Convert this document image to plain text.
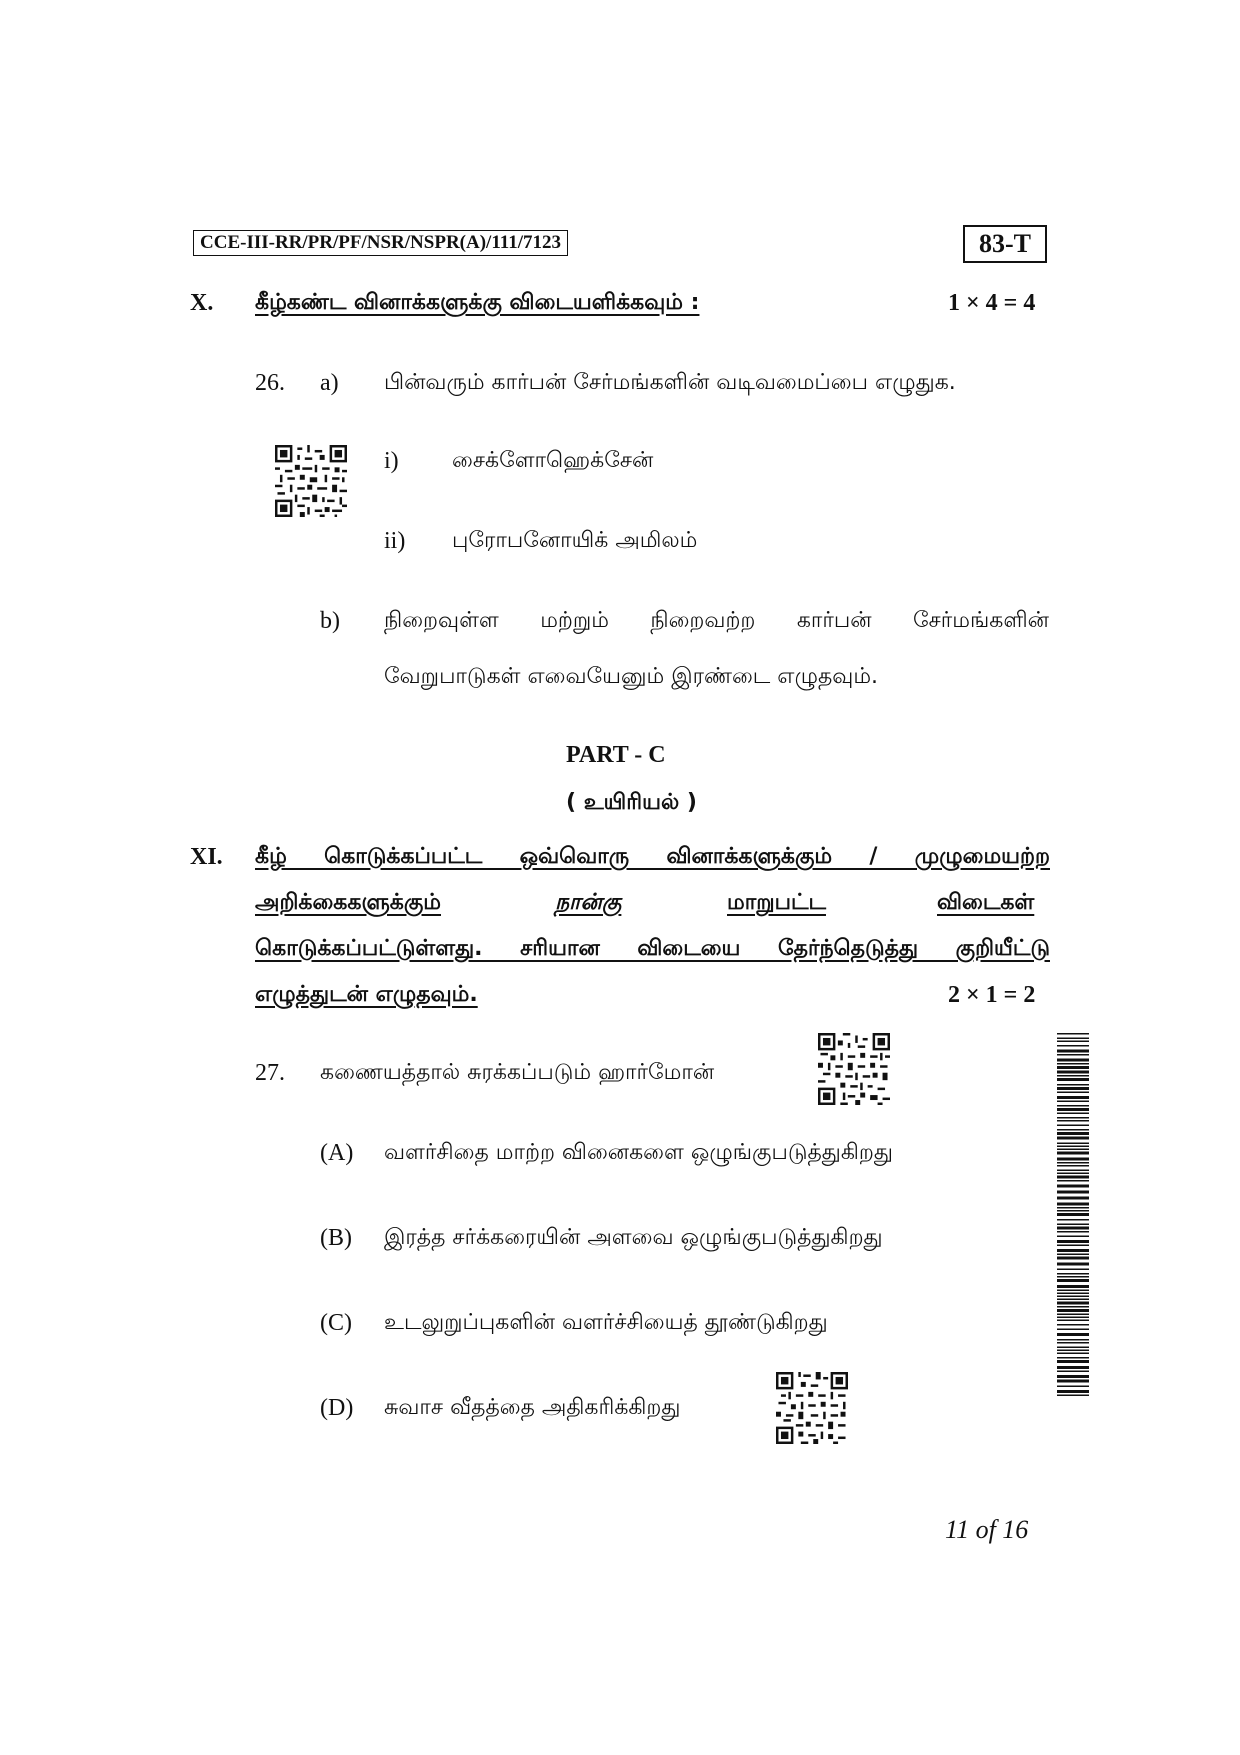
CCE-III-RR/PR/PF/NSR/NSPR(A)/111/7123	83-T
X. கீழ்கண்ட வினாக்களுக்கு விடையளிக்கவும் :	1 × 4 = 4
26. a) பின்வரும் கார்பன் சேர்மங்களின் வடிவமைப்பை எழுதுக.
i) சைக்ளோஹெக்சேன்
ii) புரோபனோயிக் அமிலம்
b) நிறைவுள்ள மற்றும் நிறைவற்ற கார்பன் சேர்மங்களின்
வேறுபாடுகள் எவையேனும் இரண்டை எழுதவும்.
PART - C
( உயிரியல் )
XI. கீழ் கொடுக்கப்பட்ட ஒவ்வொரு வினாக்களுக்கும் / முழுமையற்ற
அறிக்கைகளுக்கும்	நான்கு	மாறுபட்ட	விடைகள்
கொடுக்கப்பட்டுள்ளது. சரியான விடையை தேர்ந்தெடுத்து குறியீட்டு
எழுத்துடன் எழுதவும்.	2 × 1 = 2
27. கணையத்தால் சுரக்கப்படும் ஹார்மோன்
(A) வளர்சிதை மாற்ற வினைகளை ஒழுங்குபடுத்துகிறது
(B) இரத்த சர்க்கரையின் அளவை ஒழுங்குபடுத்துகிறது
(C) உடலுறுப்புகளின் வளர்ச்சியைத் தூண்டுகிறது
(D) சுவாச வீதத்தை அதிகரிக்கிறது
11 of 16
